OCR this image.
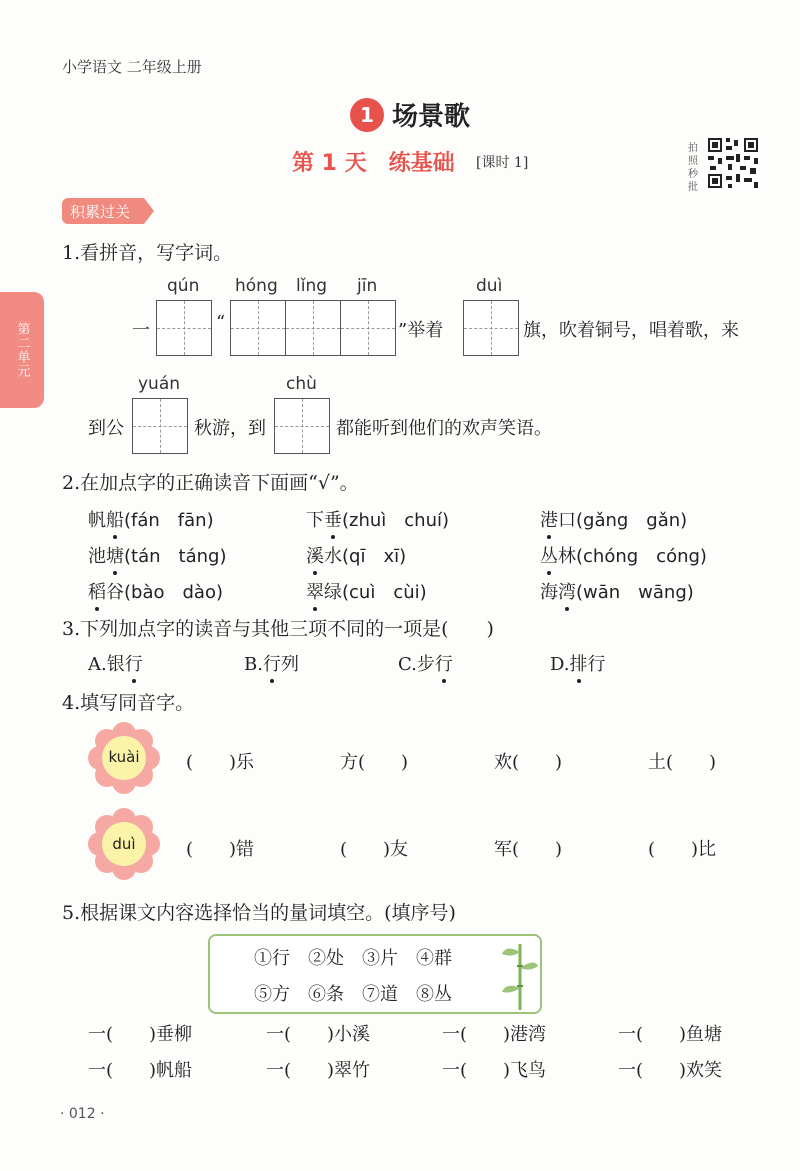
小学语文 二年级上册
1 场景歌
第 1 天　练基础 [课时 1]
拍照秒批
第二单元
积累过关
1.看拼音，写字词。
qún hóng lǐng jīn	duì
一	“	”举着	旗，吹着铜号，唱着歌，来
yuán	chù
到公	秋游，到	都能听到他们的欢声笑语。
2.在加点字的正确读音下面画“√”。
帆船(fán　fān)	下垂(zhuì　chuí)	港口(gǎng　gǎn)
池塘(tán　táng)	溪水(qī　xī)	丛林(chóng　cóng)
稻谷(bào　dào)	翠绿(cuì　cùi)	海湾(wān　wāng)
3.下列加点字的读音与其他三项不同的一项是(　　)
A.银行	B.行列	C.步行	D.排行
4.填写同音字。
kuài	(　　)乐	方(　　)	欢(　　)	土(　　)
duì	(　　)错	(　　)友	军(　　)	(　　)比
5.根据课文内容选择恰当的量词填空。(填序号)
①行　②处　③片　④群
⑤方　⑥条　⑦道　⑧丛
一(　　)垂柳	一(　　)小溪	一(　　)港湾	一(　　)鱼塘
一(　　)帆船	一(　　)翠竹	一(　　)飞鸟	一(　　)欢笑
· 012 ·
